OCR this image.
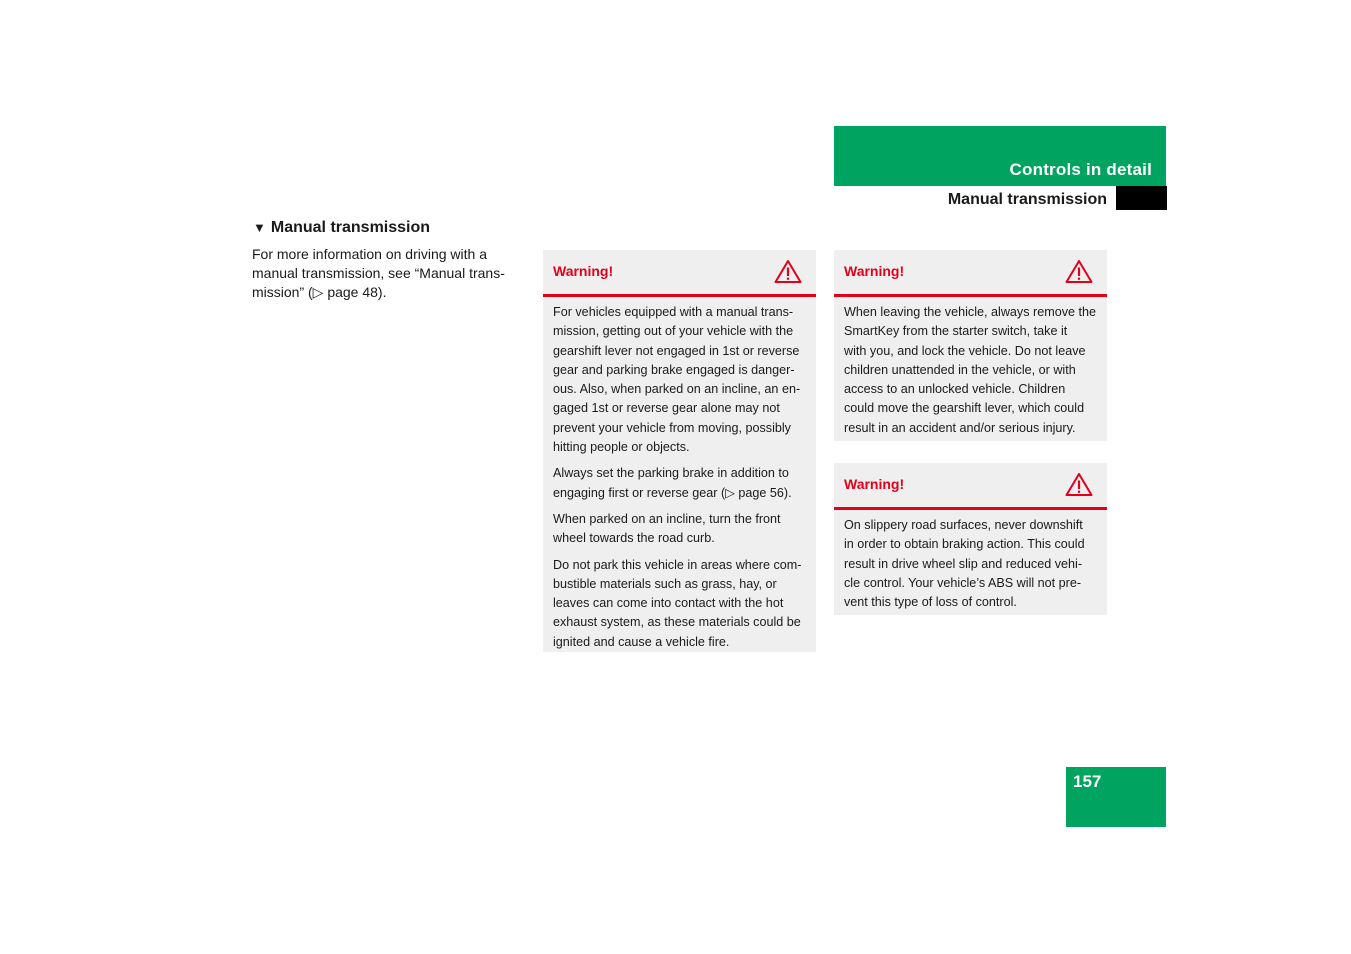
Controls in detail
Manual transmission
▼ Manual transmission
For more information on driving with a
manual transmission, see “Manual trans-
mission” (▷ page 48).
Warning!

For vehicles equipped with a manual trans-
mission, getting out of your vehicle with the
gearshift lever not engaged in 1st or reverse
gear and parking brake engaged is danger-
ous. Also, when parked on an incline, an en-
gaged 1st or reverse gear alone may not
prevent your vehicle from moving, possibly
hitting people or objects.

Always set the parking brake in addition to
engaging first or reverse gear (▷ page 56).

When parked on an incline, turn the front
wheel towards the road curb.

Do not park this vehicle in areas where com-
bustible materials such as grass, hay, or
leaves can come into contact with the hot
exhaust system, as these materials could be
ignited and cause a vehicle fire.

Warning!

When leaving the vehicle, always remove the
SmartKey from the starter switch, take it
with you, and lock the vehicle. Do not leave
children unattended in the vehicle, or with
access to an unlocked vehicle. Children
could move the gearshift lever, which could
result in an accident and/or serious injury.

Warning!

On slippery road surfaces, never downshift
in order to obtain braking action. This could
result in drive wheel slip and reduced vehi-
cle control. Your vehicle’s ABS will not pre-
vent this type of loss of control.

157
